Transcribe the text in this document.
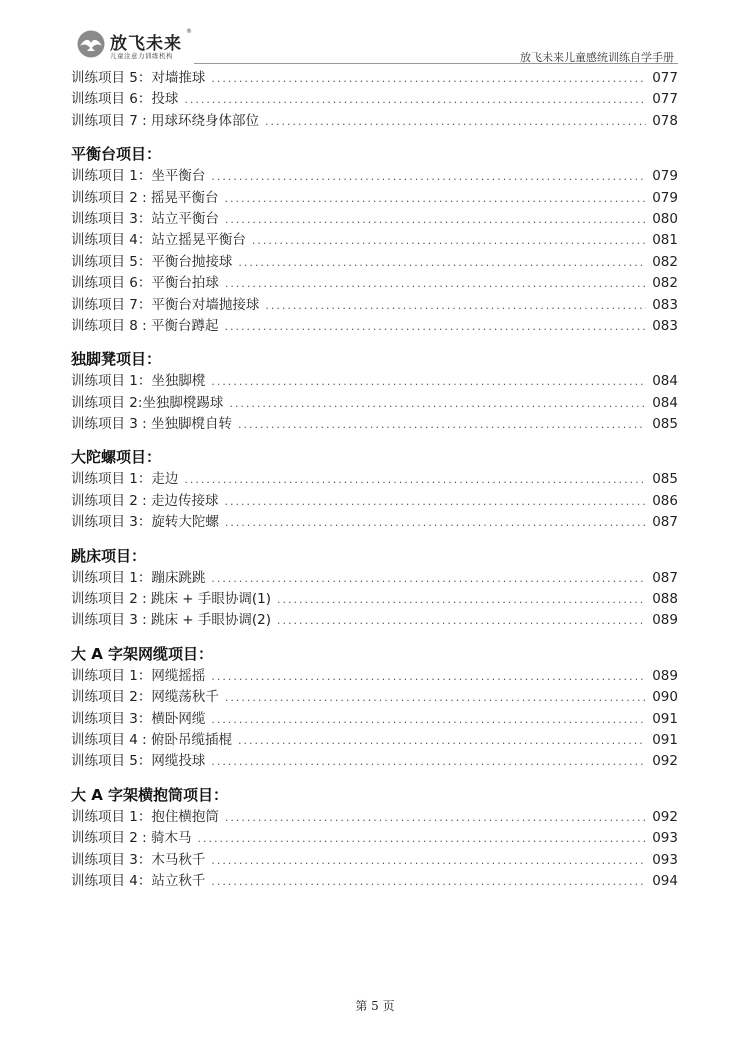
放飞未来
®
儿童注意力训练机构	放飞未来儿童感统训练自学手册
训练项目 5：对墙推球 .....	077
训练项目 6：投球 .....	077
训练项目 7 : 用球环绕身体部位 .....	078
平衡台项目：
训练项目 1：坐平衡台 .....	079
训练项目 2 : 摇晃平衡台 .....	079
训练项目 3：站立平衡台 .....	080
训练项目 4：站立摇晃平衡台 .....	081
训练项目 5：平衡台抛接球 .....	082
训练项目 6：平衡台拍球 .....	082
训练项目 7：平衡台对墙抛接球 .....	083
训练项目 8 : 平衡台蹲起 .....	083
独脚凳项目：
训练项目 1：坐独脚櫈 .....	084
训练项目 2:坐独脚櫈踢球 .....	084
训练项目 3 : 坐独脚櫈自转 .....	085
大陀螺项目：
训练项目 1：走边 .....	085
训练项目 2 : 走边传接球 .....	086
训练项目 3：旋转大陀螺 .....	087
跳床项目：
训练项目 1：蹦床跳跳 .....	087
训练项目 2 : 跳床 + 手眼协调(1) .....	088
训练项目 3 : 跳床 + 手眼协调(2) .....	089
大 A 字架网缆项目：
训练项目 1：网缆摇摇 .....	089
训练项目 2：网缆荡秋千 .....	090
训练项目 3：横卧网缆 .....	091
训练项目 4 : 俯卧吊缆插棍 .....	091
训练项目 5：网缆投球 .....	092
大 A 字架横抱筒项目：
训练项目 1：抱住横抱筒 .....	092
训练项目 2 : 骑木马 .....	093
训练项目 3：木马秋千 .....	093
训练项目 4：站立秋千 .....	094
第 5 页
